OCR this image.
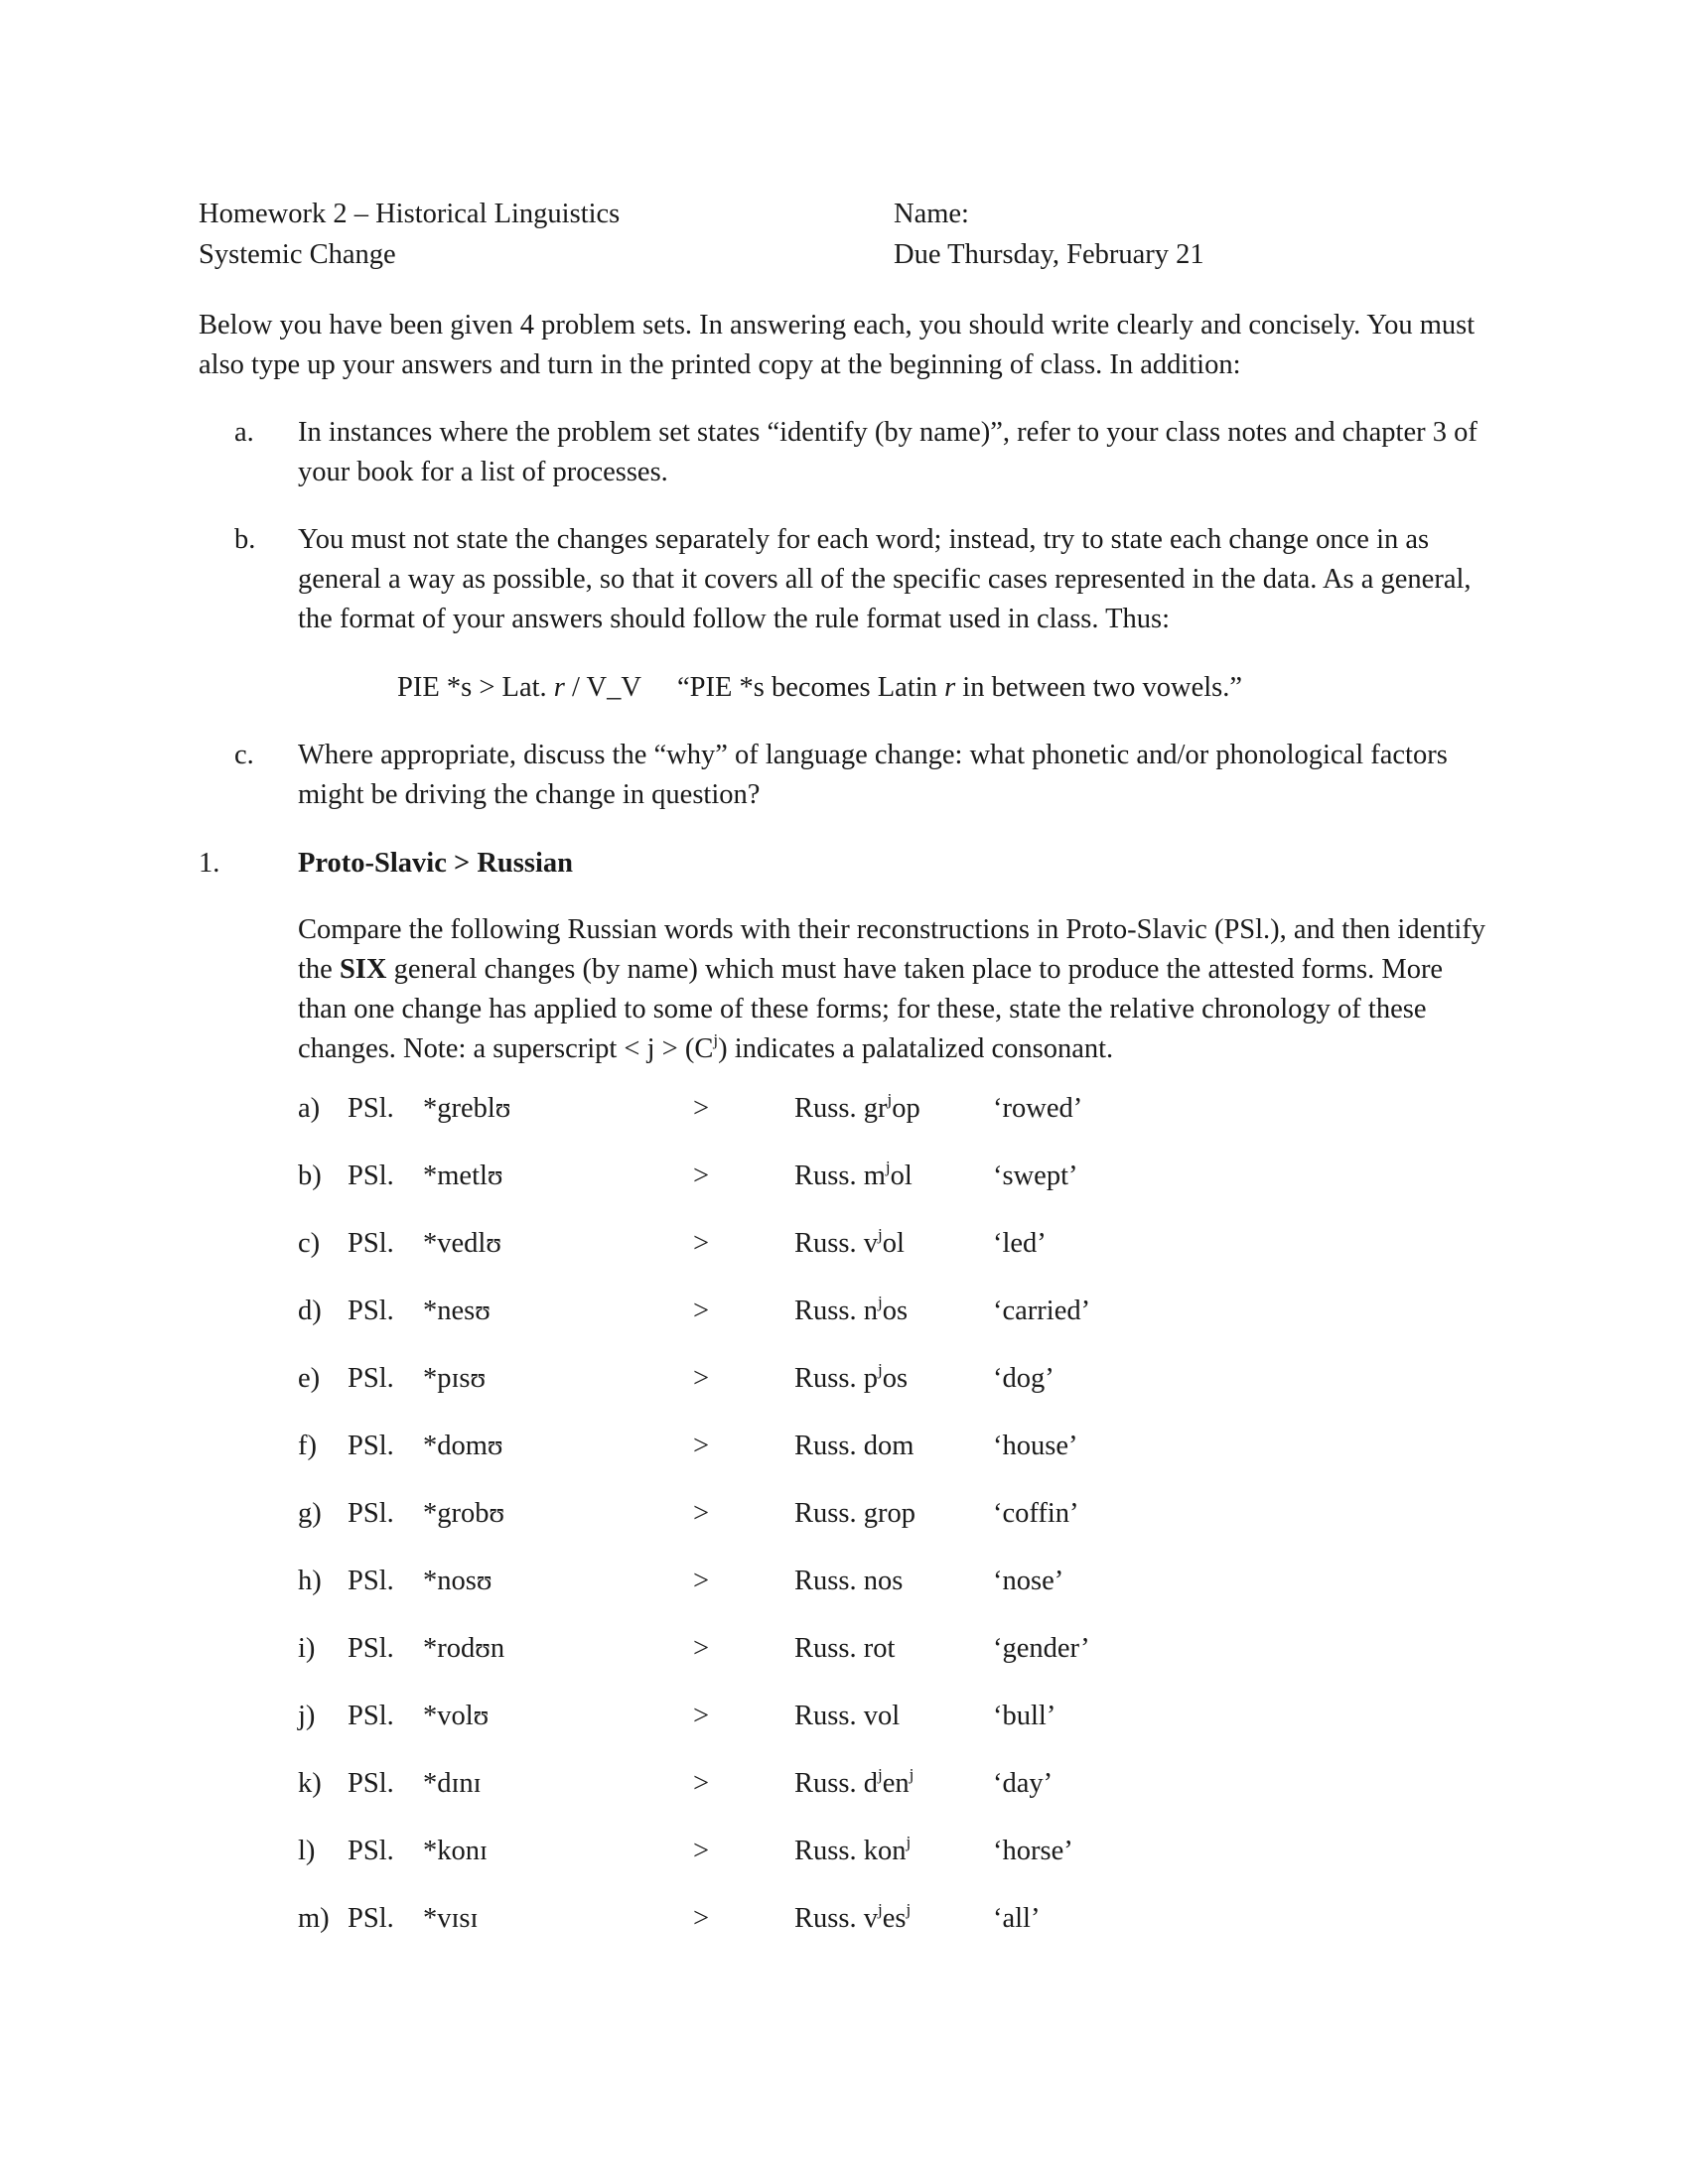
Homework 2 – Historical Linguistics
Systemic Change
Name:
Due Thursday, February 21
Below you have been given 4 problem sets. In answering each, you should write clearly and concisely. You must also type up your answers and turn in the printed copy at the beginning of class. In addition:
a. In instances where the problem set states “identify (by name)”, refer to your class notes and chapter 3 of your book for a list of processes.
b. You must not state the changes separately for each word; instead, try to state each change once in as general a way as possible, so that it covers all of the specific cases represented in the data. As a general, the format of your answers should follow the rule format used in class. Thus:
PIE *s > Lat. r / V_V “PIE *s becomes Latin r in between two vowels.”
c. Where appropriate, discuss the “why” of language change: what phonetic and/or phonological factors might be driving the change in question?
1.	Proto-Slavic > Russian
Compare the following Russian words with their reconstructions in Proto-Slavic (PSl.), and then identify the SIX general changes (by name) which must have taken place to produce the attested forms. More than one change has applied to some of these forms; for these, state the relative chronology of these changes. Note: a superscript < $j > (C^j)$ indicates a palatalized consonant.
a) PSl. *greblʊ	>	Russ. $gr^jop$	‘rowed’
b) PSl. *metlʊ	>	Russ. $m^jol$	‘swept’
c) PSl. *vedlʊ	>	Russ. $v^jol$	‘led’
d) PSl. *nesʊ	>	Russ. $n^jos$	‘carried’
e) PSl. *pɪsʊ	>	Russ. $p^jos$	‘dog’
f) PSl. *domʊ	>	Russ. dom	‘house’
g) PSl. *grobʊ	>	Russ. grop	‘coffin’
h) PSl. *nosʊ	>	Russ. nos	‘nose’
i) PSl. *rodʊn	>	Russ. rot	‘gender’
j) PSl. *volʊ	>	Russ. vol	‘bull’
k) PSl. *dɪnɪ	>	Russ. $d^jen^j$	‘day’
l) PSl. *konɪ	>	Russ. kon$^j$	‘horse’
m) PSl. *vɪsɪ	>	Russ. $v^jes^j$	‘all’
